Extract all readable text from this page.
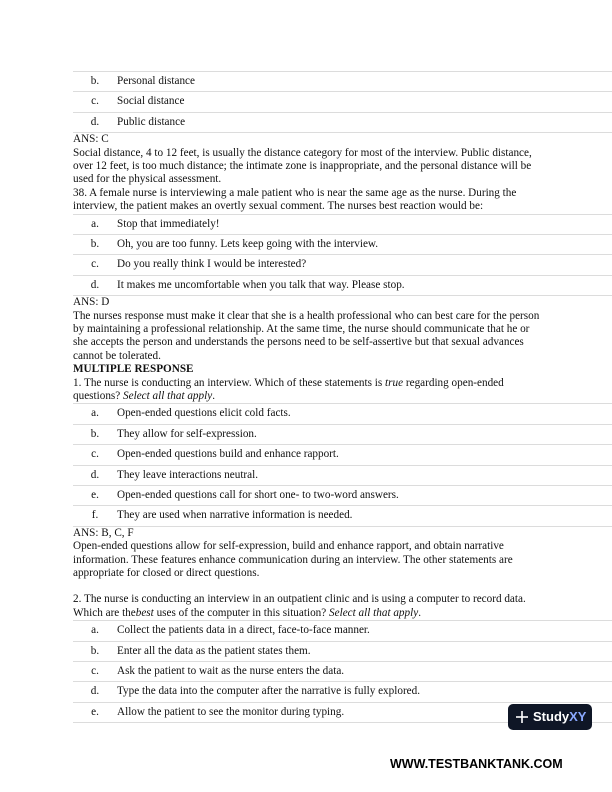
b.	Personal distance
c.	Social distance
d.	Public distance

ANS: C

Social distance, 4 to 12 feet, is usually the distance category for most of the interview. Public distance, over 12 feet, is too much distance; the intimate zone is inappropriate, and the personal distance will be used for the physical assessment.

38. A female nurse is interviewing a male patient who is near the same age as the nurse. During the interview, the patient makes an overtly sexual comment. The nurses best reaction would be:

a.	Stop that immediately!
b.	Oh, you are too funny. Lets keep going with the interview.
c.	Do you really think I would be interested?
d.	It makes me uncomfortable when you talk that way. Please stop.

ANS: D

The nurses response must make it clear that she is a health professional who can best care for the person by maintaining a professional relationship. At the same time, the nurse should communicate that he or she accepts the person and understands the persons need to be self-assertive but that sexual advances cannot be tolerated.

MULTIPLE RESPONSE

1. The nurse is conducting an interview. Which of these statements is true regarding open-ended questions? Select all that apply.

a.	Open-ended questions elicit cold facts.
b.	They allow for self-expression.
c.	Open-ended questions build and enhance rapport.
d.	They leave interactions neutral.
e.	Open-ended questions call for short one- to two-word answers.
f.	They are used when narrative information is needed.

ANS: B, C, F

Open-ended questions allow for self-expression, build and enhance rapport, and obtain narrative information. These features enhance communication during an interview. The other statements are appropriate for closed or direct questions.

2. The nurse is conducting an interview in an outpatient clinic and is using a computer to record data. Which are thebest uses of the computer in this situation? Select all that apply.

a.	Collect the patients data in a direct, face-to-face manner.
b.	Enter all the data as the patient states them.
c.	Ask the patient to wait as the nurse enters the data.
d.	Type the data into the computer after the narrative is fully explored.
e.	Allow the patient to see the monitor during typing.	StudyXY
WWW.TESTBANKTANK.COM
